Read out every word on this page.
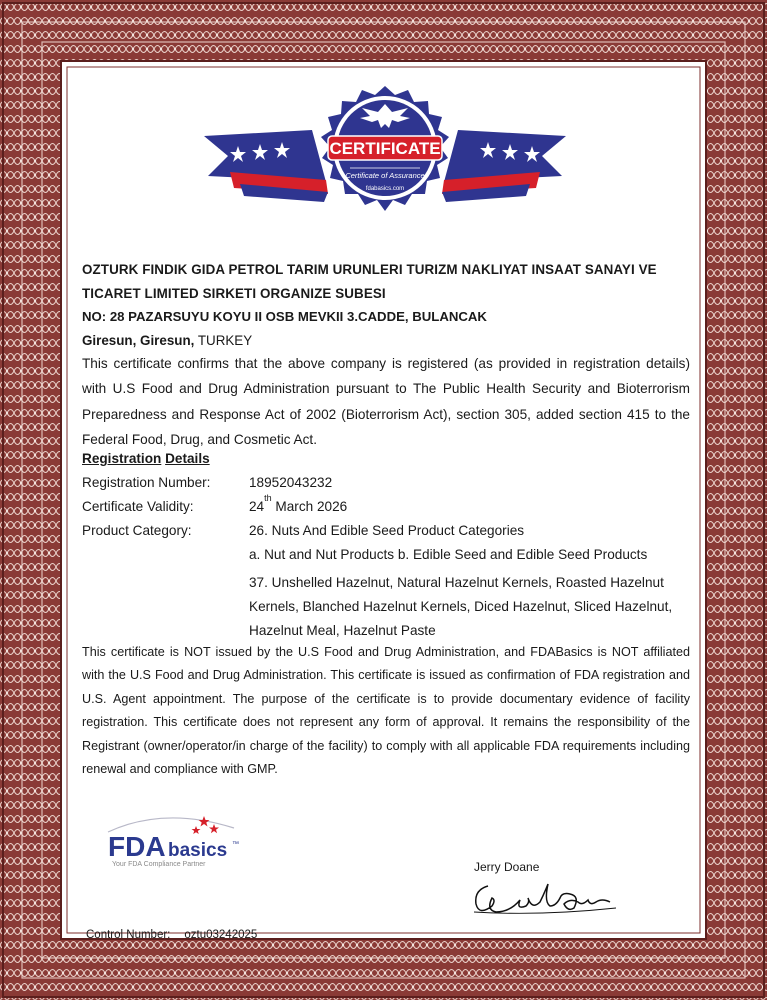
CERTIFICATE
Certificate of Assurance
fdabasics.com
OZTURK FINDIK GIDA PETROL TARIM URUNLERI TURIZM NAKLIYAT INSAAT SANAYI VE
TICARET LIMITED SIRKETI ORGANIZE SUBESI
NO: 28 PAZARSUYU KOYU II OSB MEVKII 3.CADDE, BULANCAK
Giresun, Giresun, TURKEY
This certificate confirms that the above company is registered (as provided in registration details) with U.S Food and Drug Administration pursuant to The Public Health Security and Bioterrorism Preparedness and Response Act of 2002 (Bioterrorism Act), section 305, added section 415 to the Federal Food, Drug, and Cosmetic Act.
Registration Details
Registration Number:	18952043232
Certificate Validity:	24th March 2026
Product Category:	26. Nuts And Edible Seed Product Categories
a. Nut and Nut Products b. Edible Seed and Edible Seed Products
37. Unshelled Hazelnut, Natural Hazelnut Kernels, Roasted Hazelnut Kernels, Blanched Hazelnut Kernels, Diced Hazelnut, Sliced Hazelnut, Hazelnut Meal, Hazelnut Paste
This certificate is NOT issued by the U.S Food and Drug Administration, and FDABasics is NOT affiliated with the U.S Food and Drug Administration. This certificate is issued as confirmation of FDA registration and U.S. Agent appointment. The purpose of the certificate is to provide documentary evidence of facility registration. This certificate does not represent any form of approval. It remains the responsibility of the Registrant (owner/operator/in charge of the facility) to comply with all applicable FDA requirements including renewal and compliance with GMP.
FDA basics ™
Your FDA Compliance Partner	Jerry Doane
Control Number: oztu03242025
